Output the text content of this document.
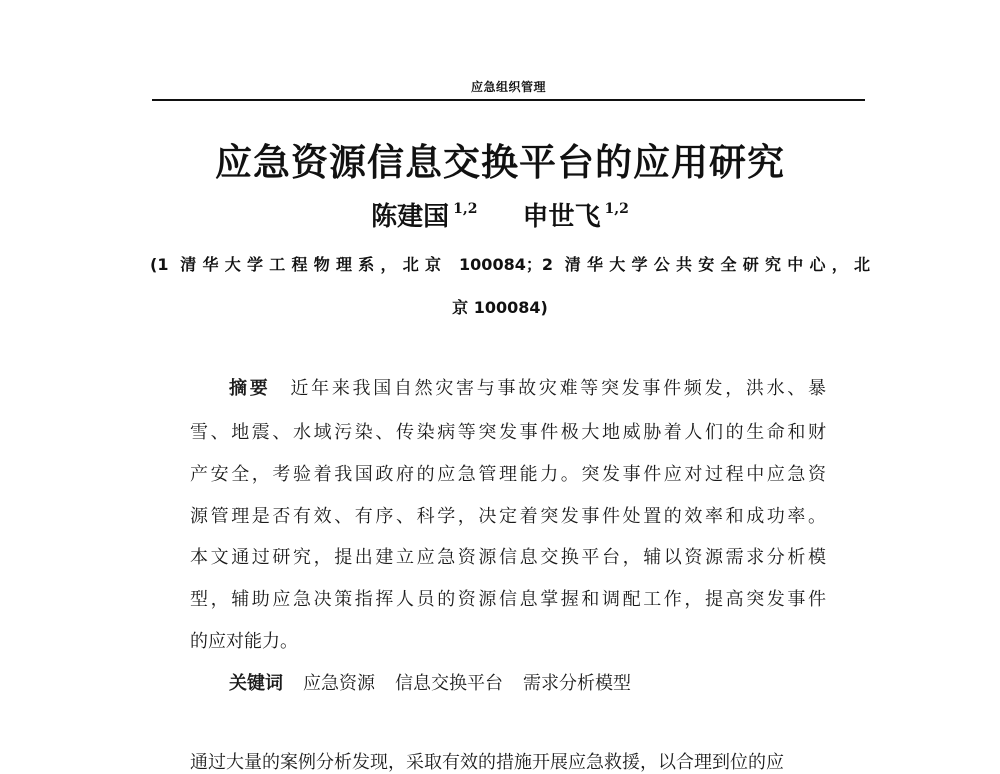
应急组织管理
应急资源信息交换平台的应用研究
陈建国 $^{1,2}$ 申世飞 $^{1,2}$
(1 清华大学工程物理系，北京 100084；2 清华大学公共安全研究中心，北
京 100084)
摘要 近年来我国自然灾害与事故灾难等突发事件频发，洪水、暴
雪、地震、水域污染、传染病等突发事件极大地威胁着人们的生命和财
产安全，考验着我国政府的应急管理能力。突发事件应对过程中应急资
源管理是否有效、有序、科学，决定着突发事件处置的效率和成功率。
本文通过研究，提出建立应急资源信息交换平台，辅以资源需求分析模
型，辅助应急决策指挥人员的资源信息掌握和调配工作，提高突发事件
的应对能力。
关键词 应急资源 信息交换平台 需求分析模型
通过大量的案例分析发现，采取有效的措施开展应急救援，以合理到位的应
